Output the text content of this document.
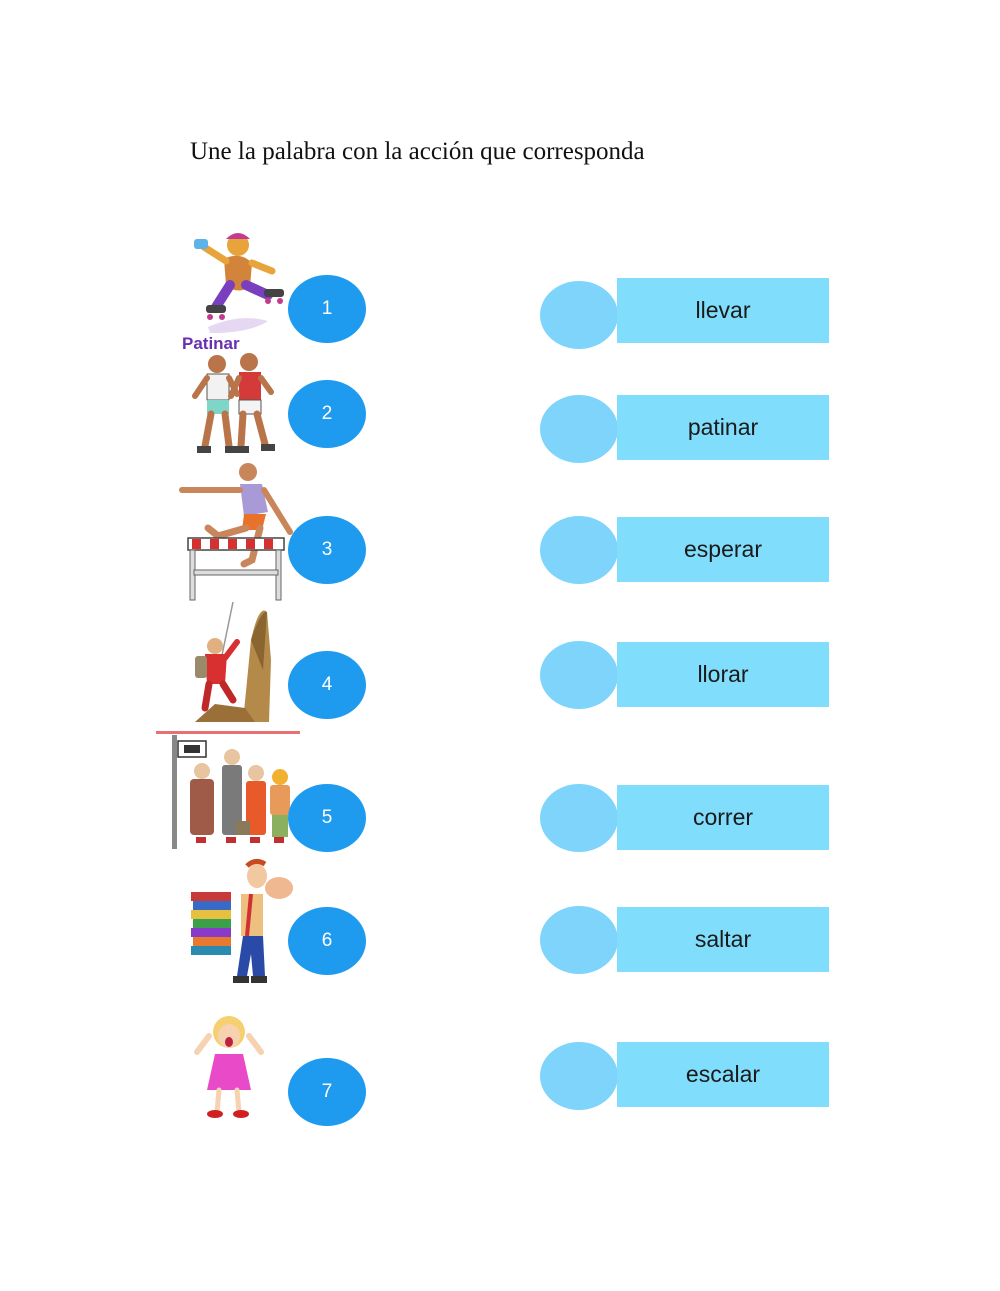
Une la palabra con la acción que corresponda
Patinar
1
2
3
4
5
6
7
llevar
patinar
esperar
llorar
correr
saltar
escalar
